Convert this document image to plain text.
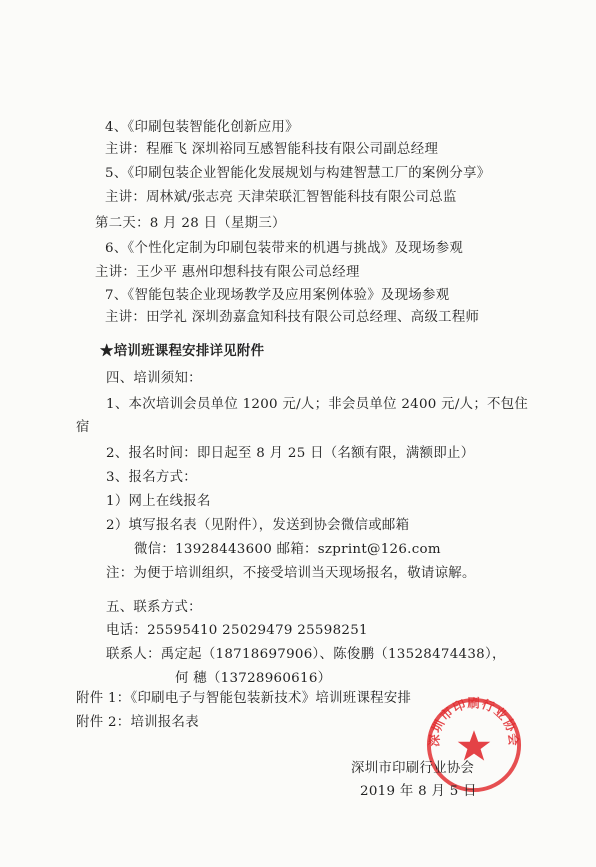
4、《印刷包装智能化创新应用》
主讲：程雁飞 深圳裕同互感智能科技有限公司副总经理
5、《印刷包装企业智能化发展规划与构建智慧工厂的案例分享》
主讲：周林斌/张志亮 天津荣联汇智智能科技有限公司总监
第二天：8 月 28 日（星期三）
6、《个性化定制为印刷包装带来的机遇与挑战》及现场参观
主讲：王少平 惠州印想科技有限公司总经理
7、《智能包装企业现场教学及应用案例体验》及现场参观
主讲：田学礼 深圳劲嘉盒知科技有限公司总经理、高级工程师
★培训班课程安排详见附件
四、培训须知：
1、本次培训会员单位 1200 元/人；非会员单位 2400 元/人；不包住
宿
2、报名时间：即日起至 8 月 25 日（名额有限，满额即止）
3、报名方式：
1）网上在线报名
2）填写报名表（见附件），发送到协会微信或邮箱
微信：13928443600 邮箱：szprint@126.com
注：为便于培训组织，不接受培训当天现场报名，敬请谅解。
五、联系方式：
电话：25595410 25029479 25598251
联系人：禹定起（18718697906）、陈俊鹏（13528474438），
何 穗（13728960616）
附件 1：《印刷电子与智能包装新技术》培训班课程安排
附件 2：培训报名表
深圳市印刷行业协会
深圳市印刷行业协会
2019 年 8 月 5 日
